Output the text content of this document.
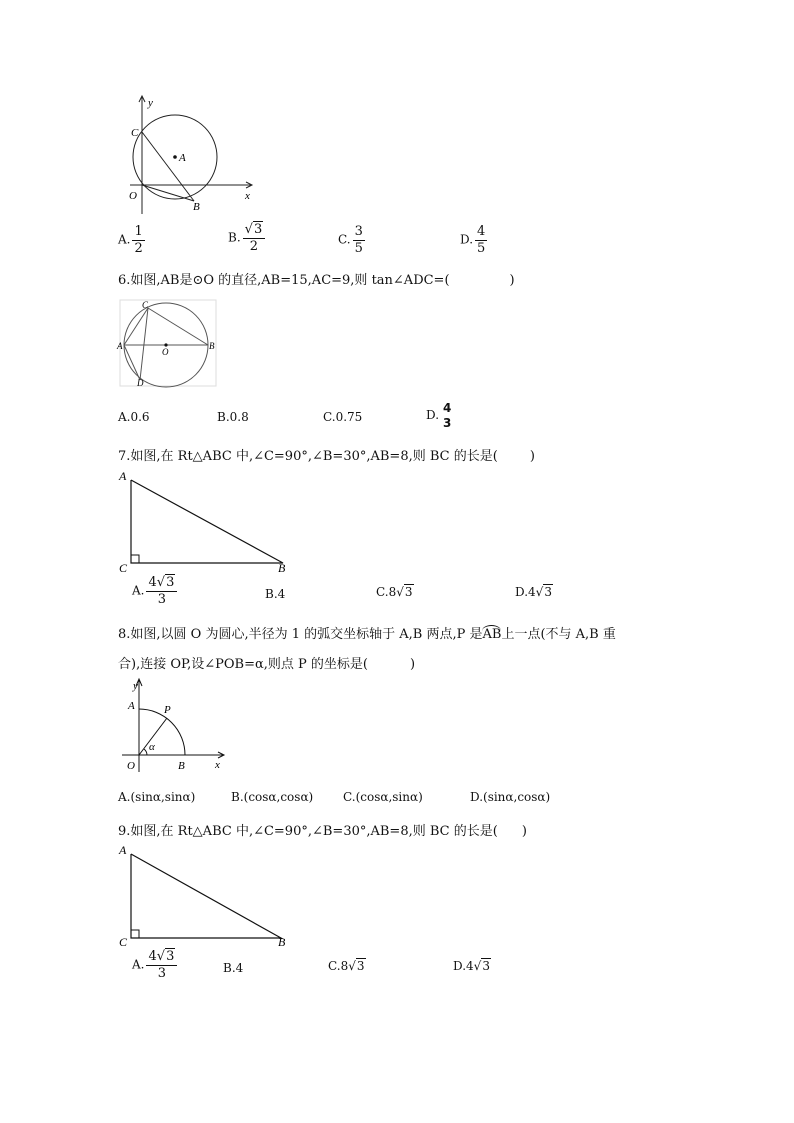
y
x
O
C
A
B
A. $\frac{1}{2}$	B. $\frac{√3}{2}$	C. $\frac{3}{5}$	D. $\frac{4}{5}$
6.如图,AB是⊙O 的直径,AB=15,AC=9,则 tan∠ADC=(	)
A	B
C
D
O
A.0.6	B.0.8	C.0.75	D.
4
3
7.如图,在 Rt△ABC 中,∠C=90°,∠B=30°,AB=8,则 BC 的长是( )
A
C	B
A. $\frac{4√3}{3}$	B.4	C.8√3	D.4√3
8.如图,以圆 O 为圆心,半径为 1 的弧交坐标轴于 A,B 两点,P 是AB上一点(不与 A,B 重
合),连接 OP,设∠POB=α,则点 P 的坐标是(	)
y
x
O
A
B
P
α
A.(sinα,sinα)	B.(cosα,cosα) C.(cosα,sinα)	D.(sinα,cosα)
9.如图,在 Rt△ABC 中,∠C=90°,∠B=30°,AB=8,则 BC 的长是( )
A
C	B
A. $\frac{4√3}{3}$	B.4	C.8√3	D.4√3
